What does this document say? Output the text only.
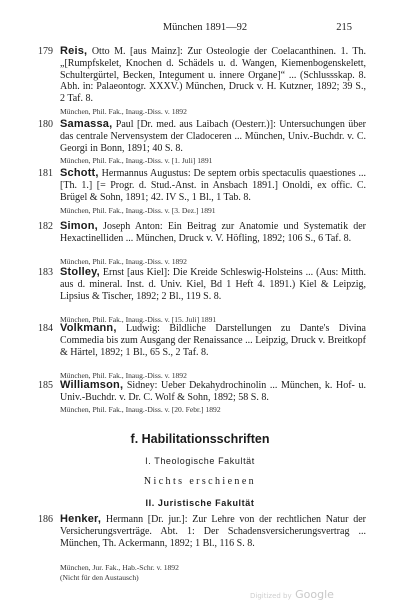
München 1891—92	215
179 Reis, Otto M. [aus Mainz]: Zur Osteologie der Coelacanthinen. 1. Th. „[Rumpfskelet, Knochen d. Schädels u. d. Wangen, Kiemenbogenskelett, Schultergürtel, Becken, Integument u. innere Organe]“ ... (Schlussskap. 8. Abh. in: Palaeontogr. XXXV.) München, Druck v. H. Kutzner, 1892; 39 S., 2 Taf. 8.
München, Phil. Fak., Inaug.-Diss. v. 1892
180 Samassa, Paul [Dr. med. aus Laibach (Oesterr.)]: Untersuchungen über das centrale Nervensystem der Cladoceren ... München, Univ.-Buchdr. v. C. Georgi in Bonn, 1891; 40 S. 8.
München, Phil. Fak., Inaug.-Diss. v. [1. Juli] 1891
181 Schott, Hermannus Augustus: De septem orbis spectaculis quaestiones ... [Th. 1.] [= Progr. d. Stud.-Anst. in Ansbach 1891.] Onoldi, ex offic. C. Brügel & Sohn, 1891; 42. IV S., 1 Bl., 1 Tab. 8.
München, Phil. Fak., Inaug.-Diss. v. [3. Dez.] 1891
182 Simon, Joseph Anton: Ein Beitrag zur Anatomie und Systematik der Hexactinelliden ... München, Druck v. V. Höfling, 1892; 106 S., 6 Taf. 8.
München, Phil. Fak., Inaug.-Diss. v. 1892
183 Stolley, Ernst [aus Kiel]: Die Kreide Schleswig-Holsteins ... (Aus: Mitth. aus d. mineral. Inst. d. Univ. Kiel, Bd 1 Heft 4. 1891.) Kiel & Leipzig, Lipsius & Tischer, 1892; 2 Bl., 119 S. 8.
München, Phil. Fak., Inaug.-Diss. v. [15. Juli] 1891
184 Volkmann, Ludwig: Bildliche Darstellungen zu Dante's Divina Commedia bis zum Ausgang der Renaissance ... Leipzig, Druck v. Breitkopf & Härtel, 1892; 1 Bl., 65 S., 2 Taf. 8.
München, Phil. Fak., Inaug.-Diss. v. 1892
185 Williamson, Sidney: Ueber Dekahydrochinolin ... München, k. Hof- u. Univ.-Buchdr. v. Dr. C. Wolf & Sohn, 1892; 58 S. 8.
München, Phil. Fak., Inaug.-Diss. v. [20. Febr.] 1892
f. Habilitationsschriften
I. Theologische Fakultät
Nichts erschienen
II. Juristische Fakultät
186 Henker, Hermann [Dr. jur.]: Zur Lehre von der rechtlichen Natur der Versicherungsverträge. Abt. 1: Der Schadensversicherungsvertrag ... München, Th. Ackermann, 1892; 1 Bl., 116 S. 8.
München, Jur. Fak., Hab.-Schr. v. 1892
(Nicht für den Austausch)
Digitized by Google
